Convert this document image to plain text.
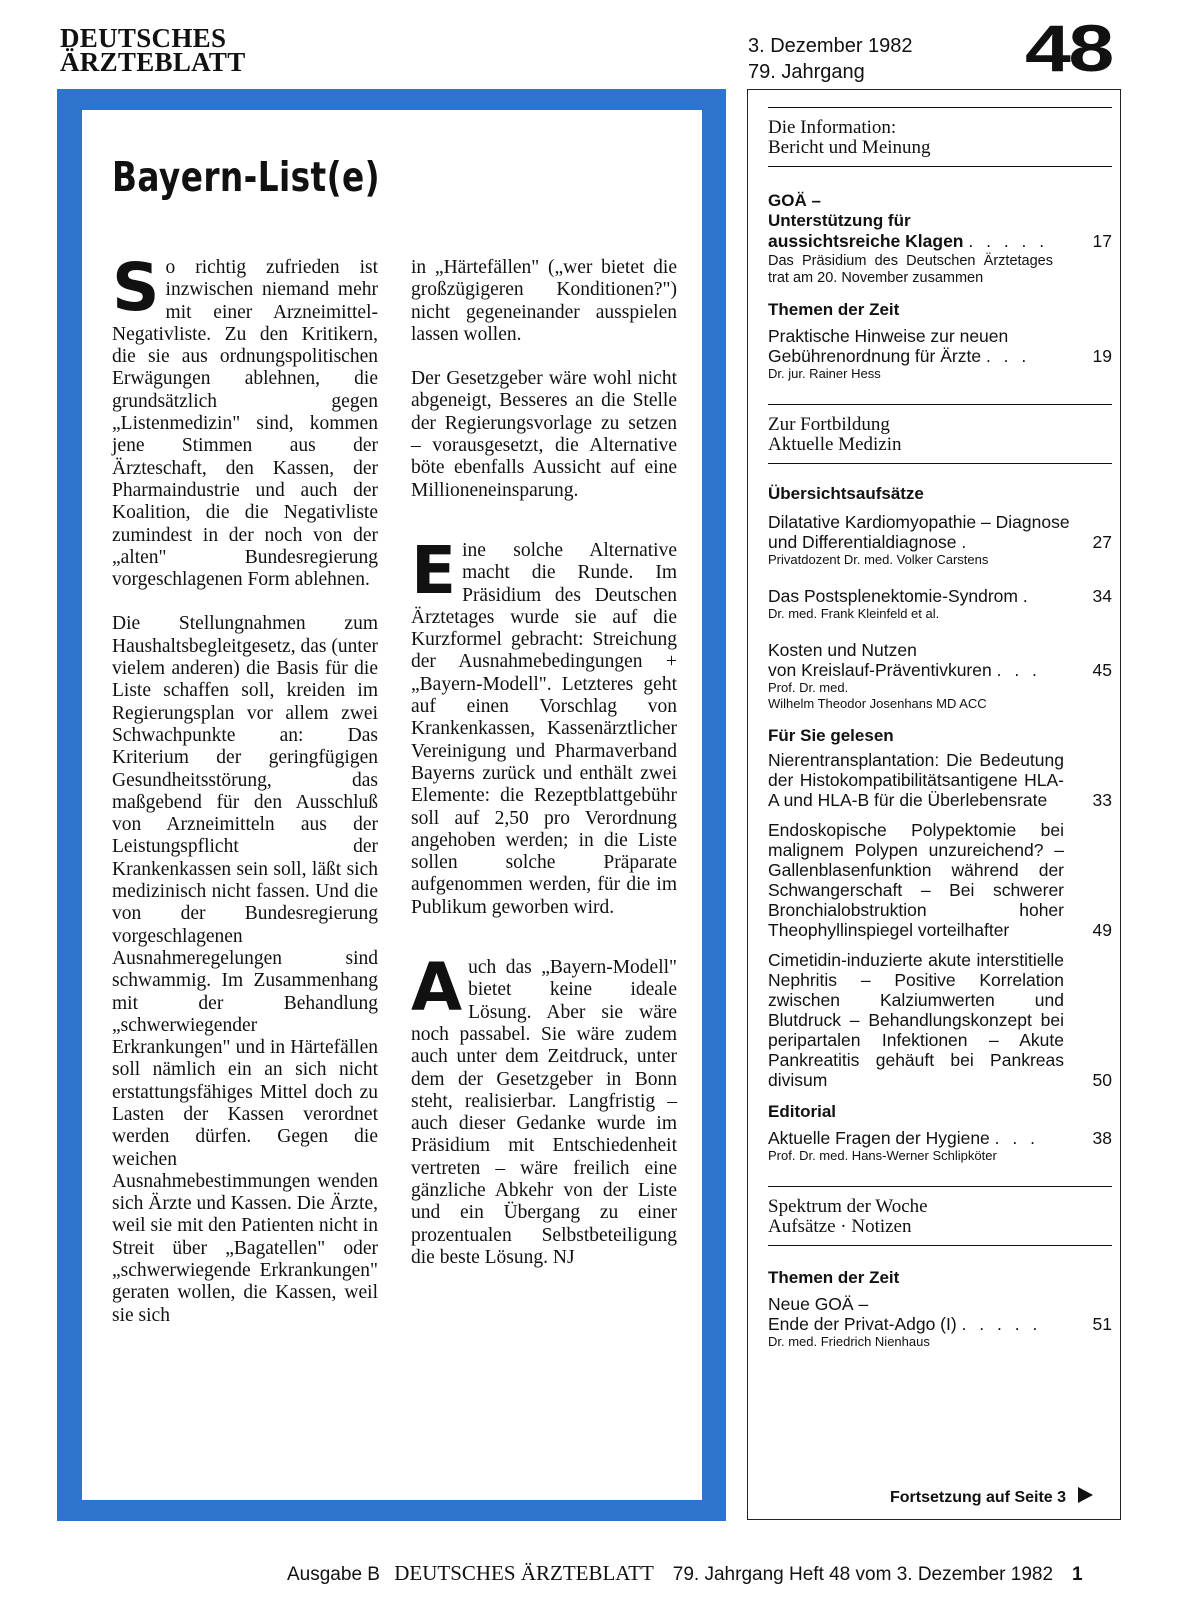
DEUTSCHES
ÄRZTEBLATT
3. Dezember 1982
79. Jahrgang	48
Bayern-List(e)

So richtig zufrieden ist inzwischen niemand mehr mit einer Arzneimittel-Negativliste. Zu den Kritikern, die sie aus ordnungspolitischen Erwägungen ablehnen, die grundsätzlich gegen „Listenmedizin" sind, kommen jene Stimmen aus der Ärzteschaft, den Kassen, der Pharmaindustrie und auch der Koalition, die die Negativliste zumindest in der noch von der „alten" Bundesregierung vorgeschlagenen Form ablehnen.

Die Stellungnahmen zum Haushaltsbegleitgesetz, das (unter vielem anderen) die Basis für die Liste schaffen soll, kreiden im Regierungsplan vor allem zwei Schwachpunkte an: Das Kriterium der geringfügigen Gesundheitsstörung, das maßgebend für den Ausschluß von Arzneimitteln aus der Leistungspflicht der Krankenkassen sein soll, läßt sich medizinisch nicht fassen. Und die von der Bundesregierung vorgeschlagenen Ausnahmeregelungen sind schwammig. Im Zusammenhang mit der Behandlung „schwerwiegender Erkrankungen" und in Härtefällen soll nämlich ein an sich nicht erstattungsfähiges Mittel doch zu Lasten der Kassen verordnet werden dürfen. Gegen die weichen Ausnahmebestimmungen wenden sich Ärzte und Kassen. Die Ärzte, weil sie mit den Patienten nicht in Streit über „Bagatellen" oder „schwerwiegende Erkrankungen" geraten wollen, die Kassen, weil sie sich

in „Härtefällen" („wer bietet die großzügigeren Konditionen?") nicht gegeneinander ausspielen lassen wollen.

Der Gesetzgeber wäre wohl nicht abgeneigt, Besseres an die Stelle der Regierungsvorlage zu setzen – vorausgesetzt, die Alternative böte ebenfalls Aussicht auf eine Millioneneinsparung.

Eine solche Alternative macht die Runde. Im Präsidium des Deutschen Ärztetages wurde sie auf die Kurzformel gebracht: Streichung der Ausnahmebedingungen + „Bayern-Modell". Letzteres geht auf einen Vorschlag von Krankenkassen, Kassenärztlicher Vereinigung und Pharmaverband Bayerns zurück und enthält zwei Elemente: die Rezeptblattgebühr soll auf 2,50 pro Verordnung angehoben werden; in die Liste sollen solche Präparate aufgenommen werden, für die im Publikum geworben wird.

Auch das „Bayern-Modell" bietet keine ideale Lösung. Aber sie wäre noch passabel. Sie wäre zudem auch unter dem Zeitdruck, unter dem der Gesetzgeber in Bonn steht, realisierbar. Langfristig – auch dieser Gedanke wurde im Präsidium mit Entschiedenheit vertreten – wäre freilich eine gänzliche Abkehr von der Liste und ein Übergang zu einer prozentualen Selbstbeteiligung die beste Lösung. NJ

Die Information:
Bericht und Meinung
GOÄ –
Unterstützung für
aussichtsreiche Klagen . . . . .	17
Das Präsidium des Deutschen Ärztetages trat am 20. November zusammen
Themen der Zeit
Praktische Hinweise zur neuen
Gebührenordnung für Ärzte . . .	19
Dr. jur. Rainer Hess
Zur Fortbildung
Aktuelle Medizin
Übersichtsaufsätze
Dilatative Kardiomyopathie – Diagnose
und Differentialdiagnose .	27
Privatdozent Dr. med. Volker Carstens
Das Postsplenektomie-Syndrom .	34
Dr. med. Frank Kleinfeld et al.
Kosten und Nutzen
von Kreislauf-Präventivkuren . . .	45
Prof. Dr. med.
Wilhelm Theodor Josenhans MD ACC
Für Sie gelesen
Nierentransplantation: Die Bedeutung der Histokompatibilitätsantigene HLA-A und HLA-B für die Überlebensrate	33
Endoskopische Polypektomie bei malignem Polypen unzureichend? – Gallenblasenfunktion während der Schwangerschaft – Bei schwerer Bronchialobstruktion hoher Theophyllinspiegel vorteilhafter	49
Cimetidin-induzierte akute interstitielle Nephritis – Positive Korrelation zwischen Kalziumwerten und Blutdruck – Behandlungskonzept bei peripartalen Infektionen – Akute Pankreatitis gehäuft bei Pankreas divisum	50
Editorial
Aktuelle Fragen der Hygiene . . .	38
Prof. Dr. med. Hans-Werner Schlipköter
Spektrum der Woche
Aufsätze · Notizen
Themen der Zeit
Neue GOÄ –
Ende der Privat-Adgo (I) . . . . .	51
Dr. med. Friedrich Nienhaus
Fortsetzung auf Seite 3
Ausgabe B DEUTSCHES ÄRZTEBLATT 79. Jahrgang Heft 48 vom 3. Dezember 1982 1
